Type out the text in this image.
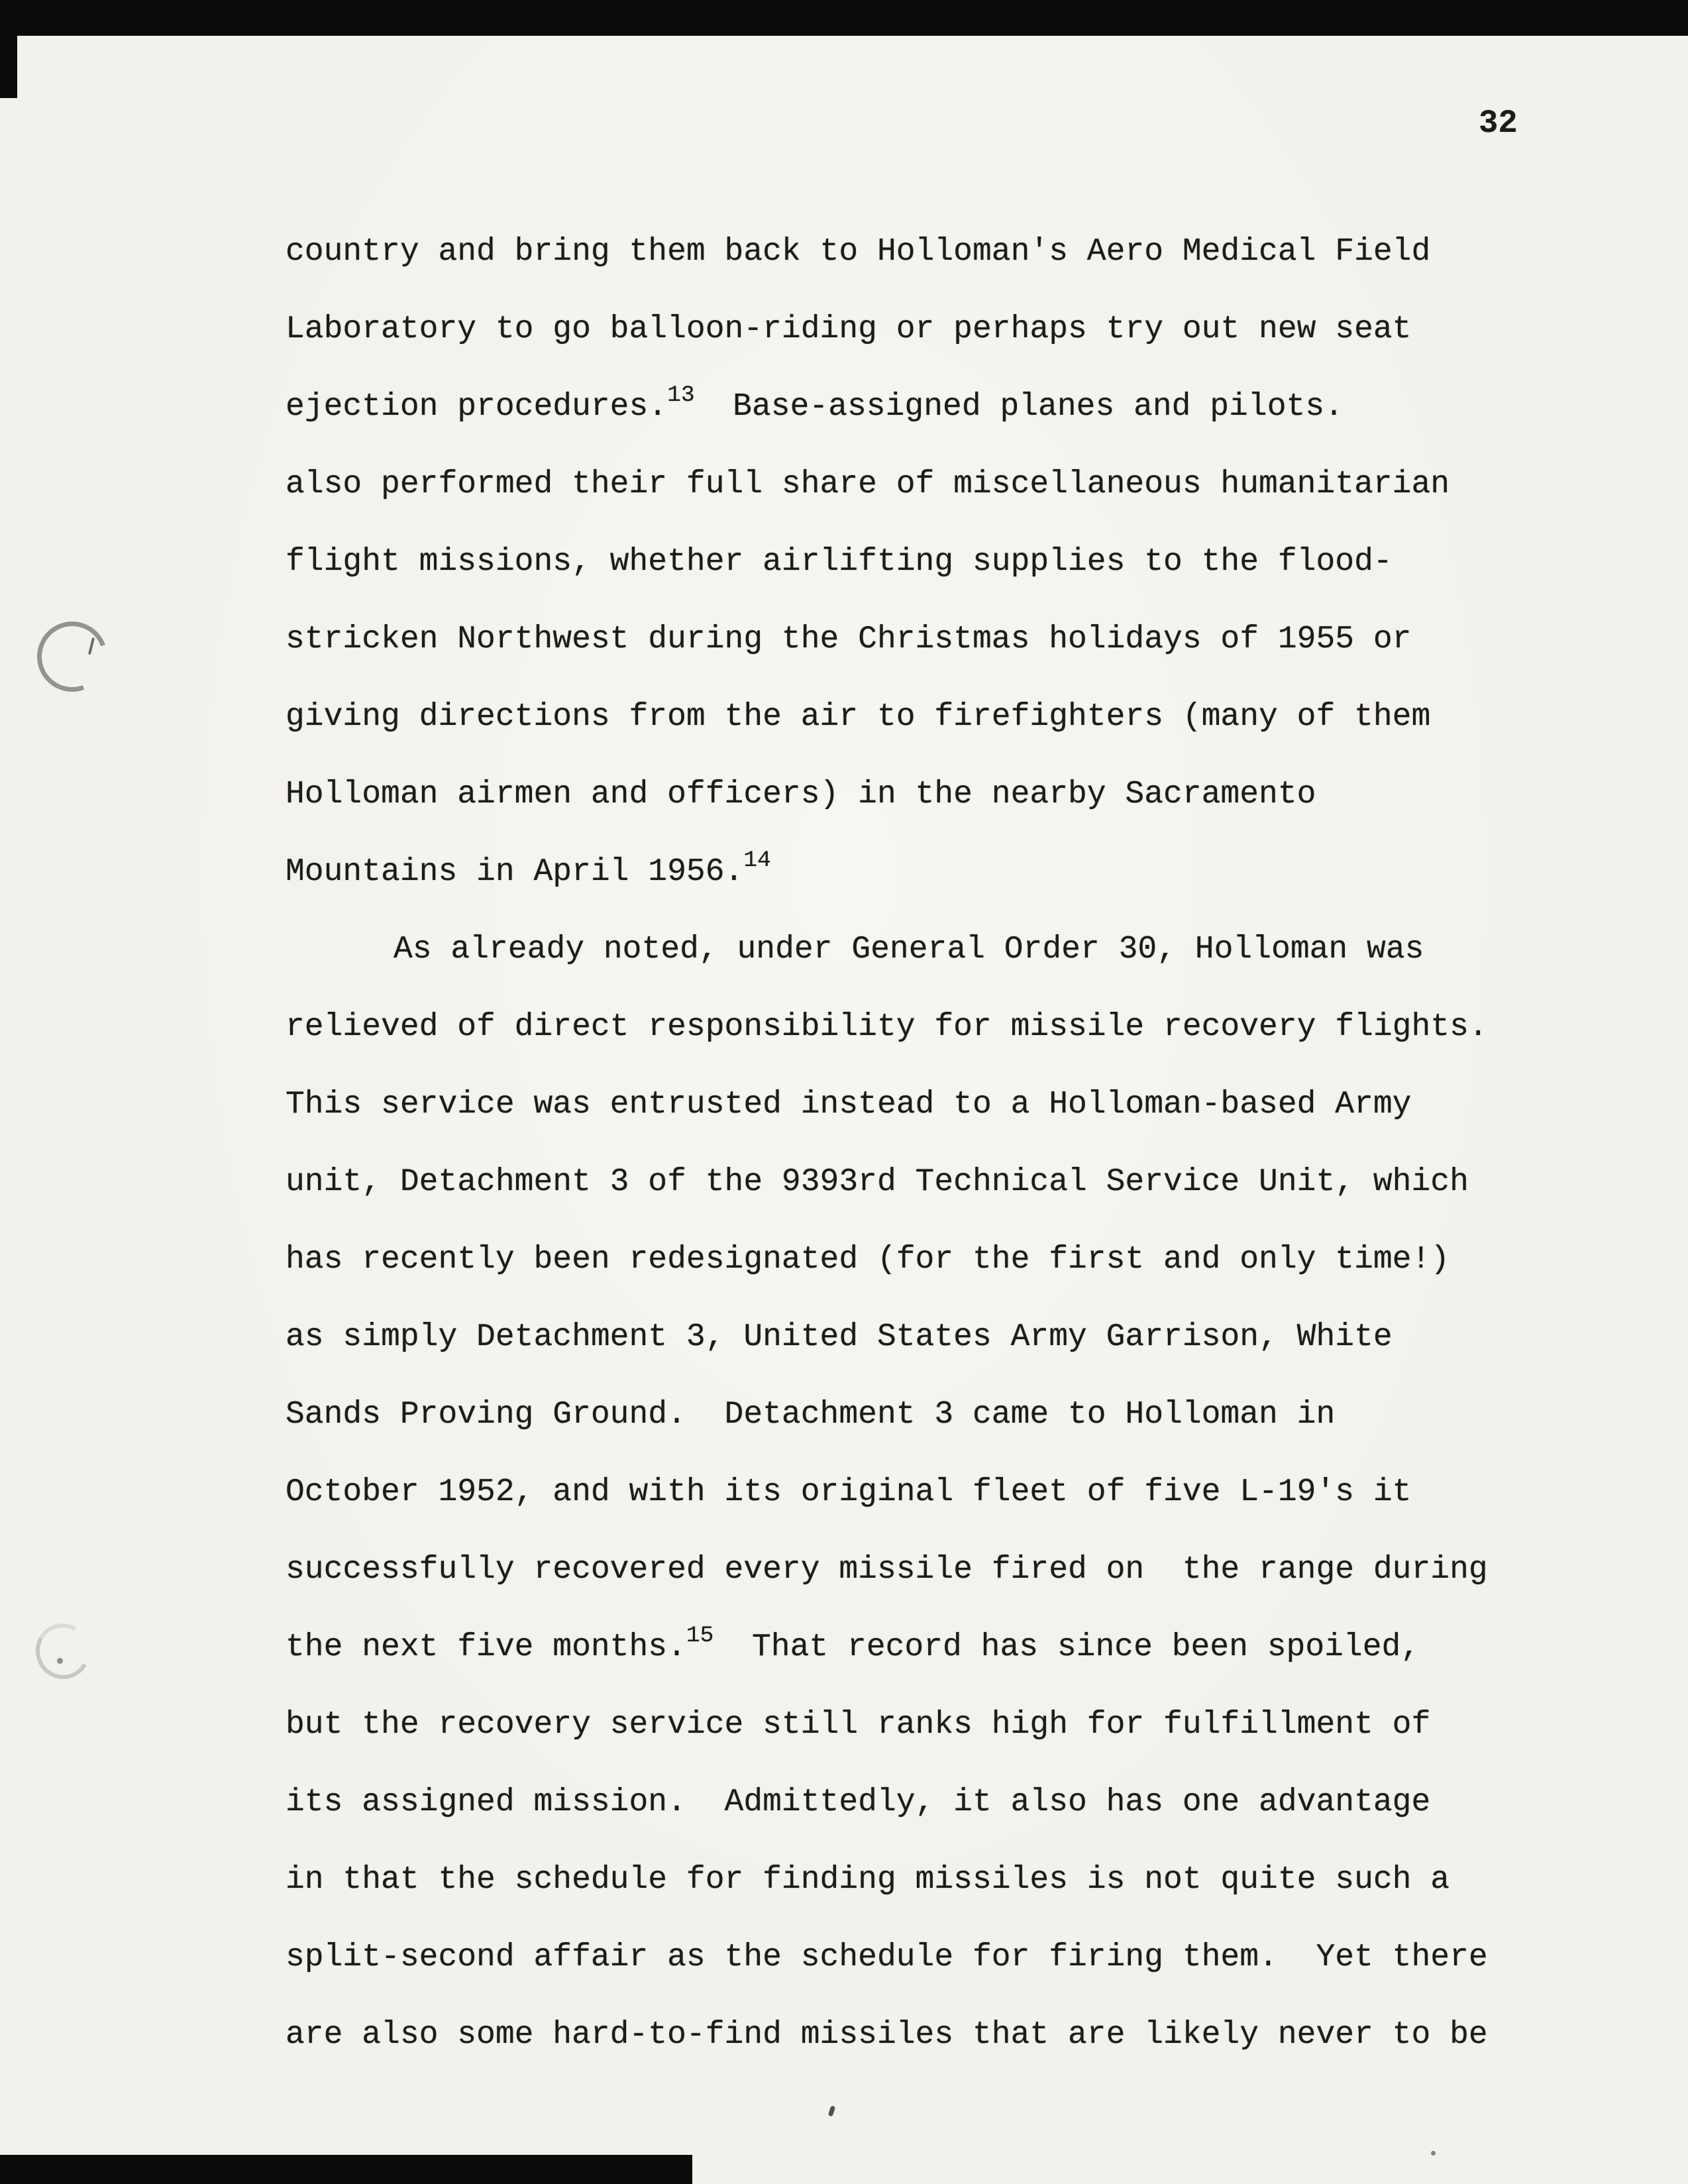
32
country and bring them back to Holloman's Aero Medical Field
Laboratory to go balloon-riding or perhaps try out new seat
ejection procedures.$^{13}$  Base-assigned planes and pilots.
also performed their full share of miscellaneous humanitarian
flight missions, whether airlifting supplies to the flood-
stricken Northwest during the Christmas holidays of 1955 or
giving directions from the air to firefighters (many of them
Holloman airmen and officers) in the nearby Sacramento
Mountains in April 1956.14
As already noted, under General Order 30, Holloman was
relieved of direct responsibility for missile recovery flights.
This service was entrusted instead to a Holloman-based Army
unit, Detachment 3 of the 9393rd Technical Service Unit, which
has recently been redesignated (for the first and only time!)
as simply Detachment 3, United States Army Garrison, White
Sands Proving Ground.  Detachment 3 came to Holloman in
October 1952, and with its original fleet of five L-19's it
successfully recovered every missile fired on  the range during
the next five months.$^{15}$  That record has since been spoiled,
but the recovery service still ranks high for fulfillment of
its assigned mission.  Admittedly, it also has one advantage
in that the schedule for finding missiles is not quite such a
split-second affair as the schedule for firing them.  Yet there
are also some hard-to-find missiles that are likely never to be
